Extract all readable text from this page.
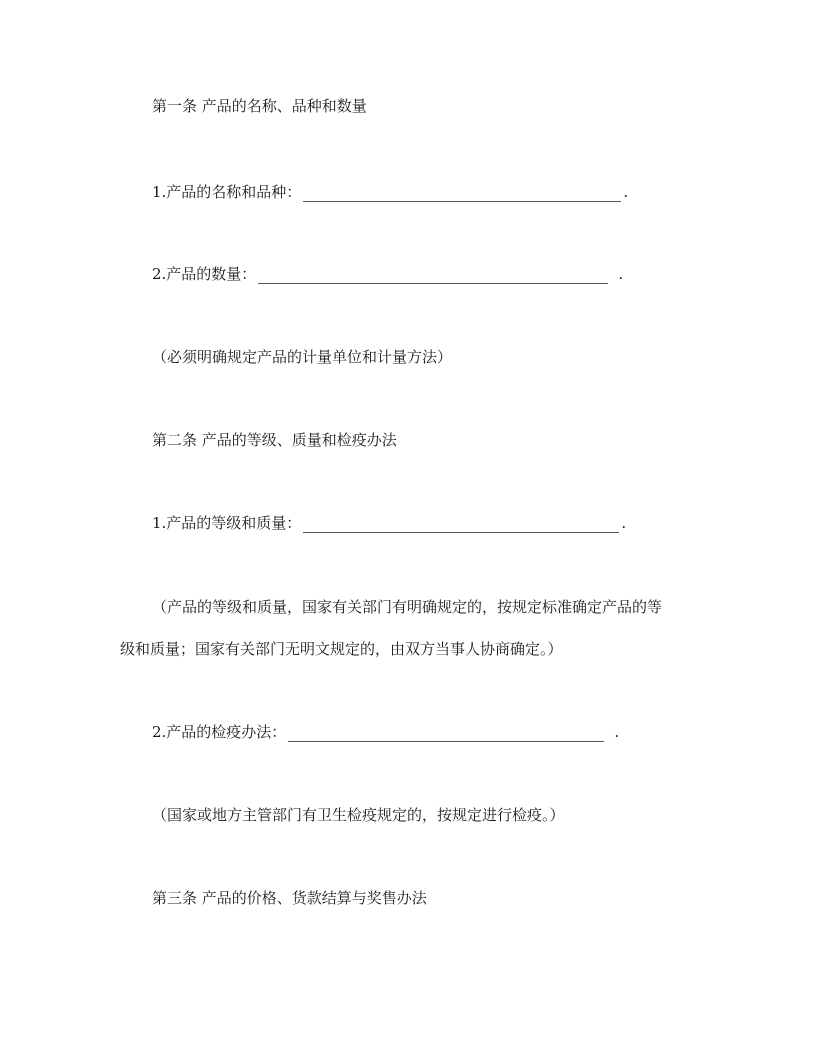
第一条 产品的名称、品种和数量
1.产品的名称和品种：	.
2.产品的数量：	.
（必须明确规定产品的计量单位和计量方法）
第二条 产品的等级、质量和检疫办法
1.产品的等级和质量：	.
（产品的等级和质量，国家有关部门有明确规定的，按规定标准确定产品的等
级和质量；国家有关部门无明文规定的，由双方当事人协商确定。）
2.产品的检疫办法：	.
（国家或地方主管部门有卫生检疫规定的，按规定进行检疫。）
第三条 产品的价格、货款结算与奖售办法
